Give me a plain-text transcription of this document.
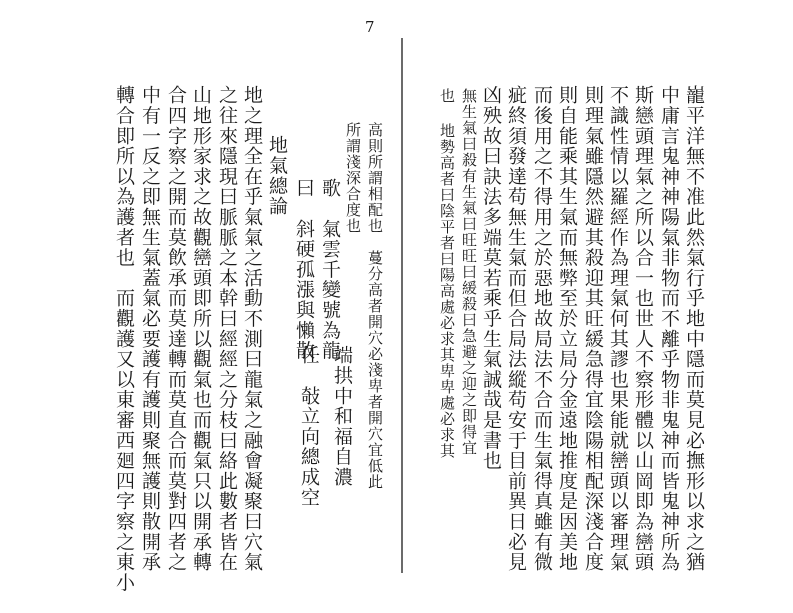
7
巃平洋無不准此然氣行乎地中隱而莫見必撫形以求之猶
中庸言鬼神神陽氣非物而不離乎物非鬼神而皆鬼神所為
斯戀頭理氣之所以合一也世人不察形體以山岡即為巒頭
不識性情以羅經作為理氣何其謬也果能就巒頭以審理氣
則理氣雖隱然避其殺迎其旺緩急得宜陰陽相配深淺合度
則自能乘其生氣而無弊至於立局分金遠地推度是因美地
而後用之不得用之於惡地故局法不合而生氣得真雖有微
疵終須發達苟無生氣而但合局法縱苟安于目前異日必見
凶殃故曰訣法多端莫若乘乎生氣誠哉是書也
無生氣曰殺有生氣曰旺旺曰緩殺曰急避之迎之即得宜
也 地勢高者曰陰平者曰陽高處必求其卑卑處必求其
高則所謂相配也　蔓分高者開穴必淺卑者開穴宜低此
所謂淺深合度也
歌　氣雲千變號為龍
曰　斜硬孤漲與懶散
端拱中和福自濃
任　敧立向總成空
地氣總論
地之理全在乎氣氣之活動不測曰龍氣之融會凝聚曰穴氣
之往來隱現曰脈脈之本幹曰經經之分枝曰絡此數者皆在
山地形家求之故觀巒頭即所以觀氣也而觀氣只以開承轉
合四字察之開而莫飲承而莫達轉而莫直合而莫對四者之
中有一反之即無生氣蓋氣必要護有護則聚無護則散開承
轉合即所以為護者也　而觀護又以東審西廻四字察之東小
